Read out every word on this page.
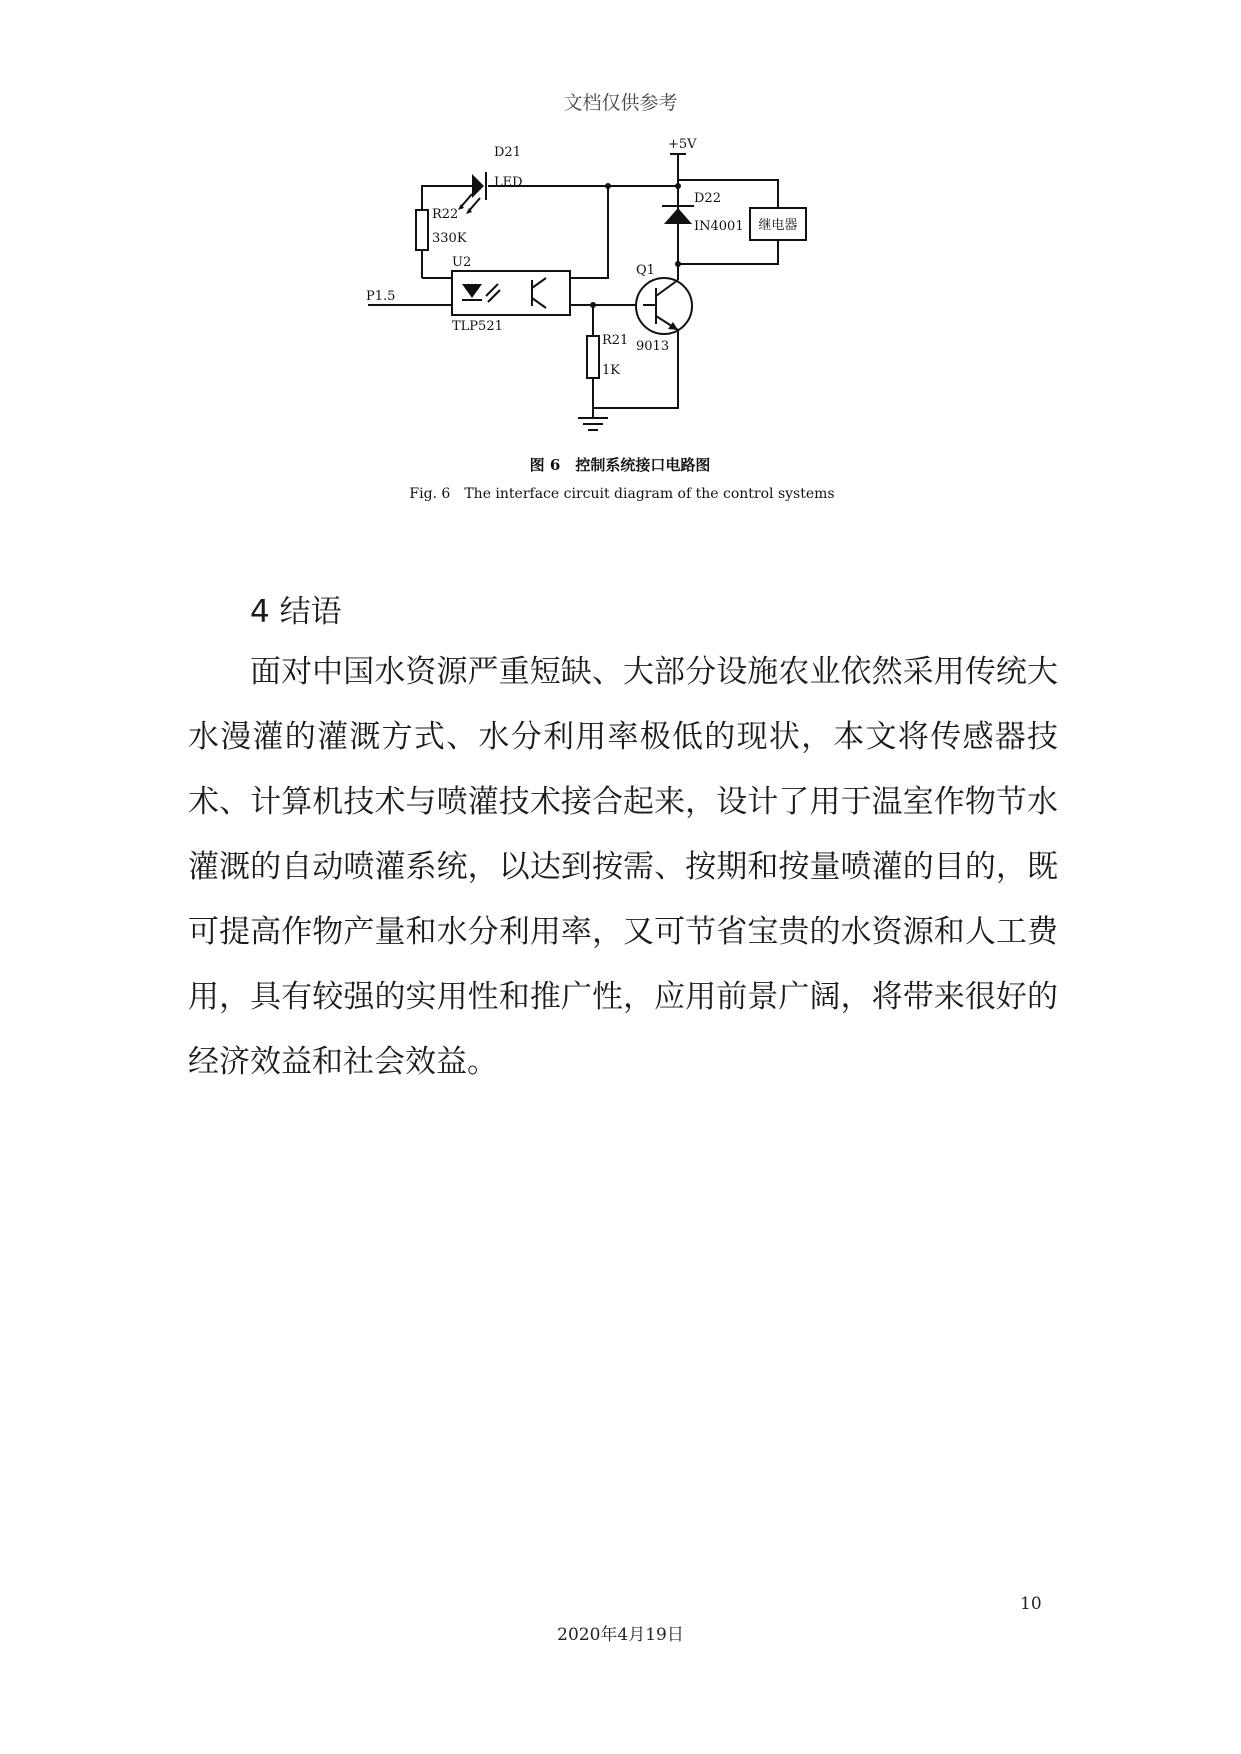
文档仅供参考
D21
LED
R22
330K
U2
P1.5
TLP521
+5V
D22
IN4001 继电器
Q1
9013
R21
1K
图 6　控制系统接口电路图
Fig. 6　The interface circuit diagram of the control systems
4 结语

面对中国水资源严重短缺、大部分设施农业依然采用传统大水漫灌的灌溉方式、水分利用率极低的现状，本文将传感器技术、计算机技术与喷灌技术接合起来，设计了用于温室作物节水灌溉的自动喷灌系统，以达到按需、按期和按量喷灌的目的，既可提高作物产量和水分利用率，又可节省宝贵的水资源和人工费用，具有较强的实用性和推广性，应用前景广阔，将带来很好的经济效益和社会效益。

10
2020年4月19日
